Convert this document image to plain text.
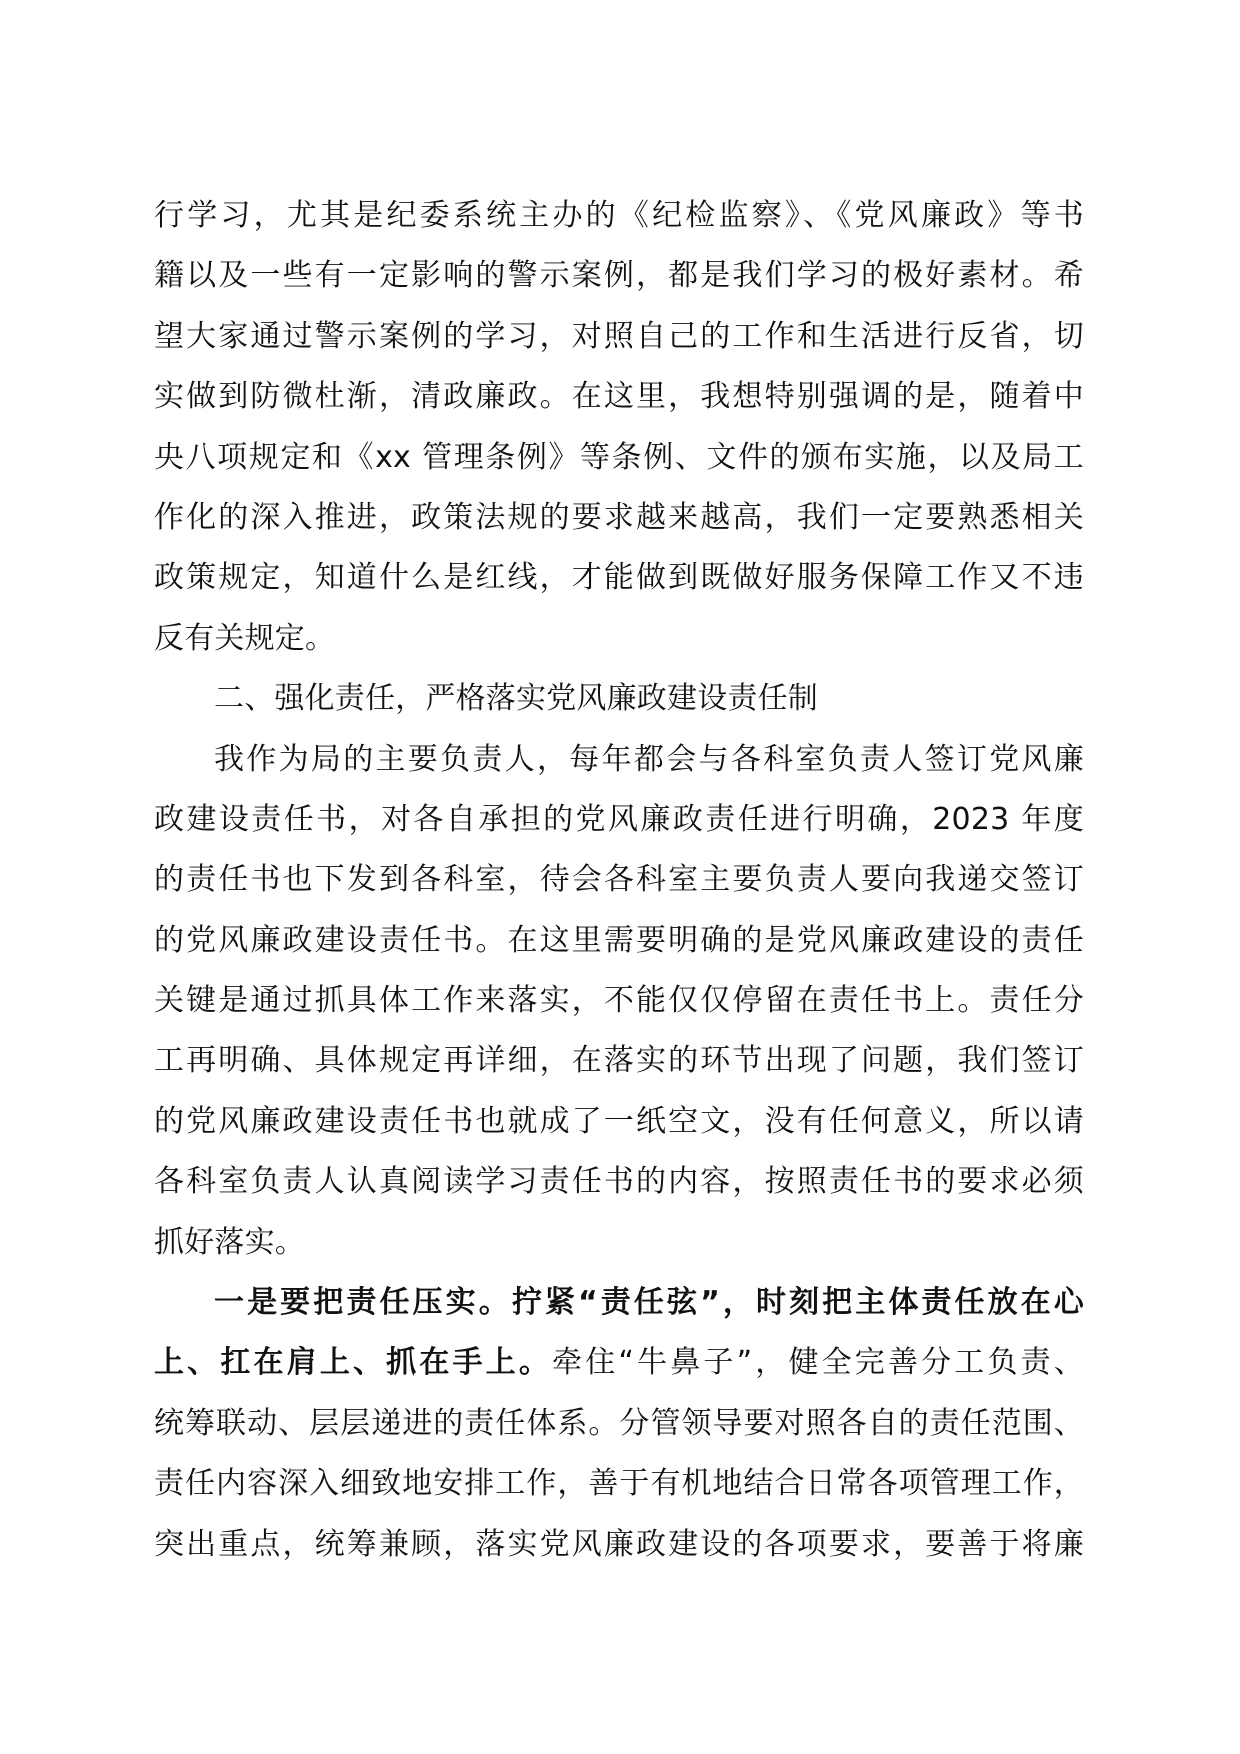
行学习，尤其是纪委系统主办的《纪检监察》、《党风廉政》等书
籍以及一些有一定影响的警示案例，都是我们学习的极好素材。希
望大家通过警示案例的学习，对照自己的工作和生活进行反省，切
实做到防微杜渐，清政廉政。在这里，我想特别强调的是，随着中
央八项规定和《xx 管理条例》等条例、文件的颁布实施，以及局工
作化的深入推进，政策法规的要求越来越高，我们一定要熟悉相关
政策规定，知道什么是红线，才能做到既做好服务保障工作又不违
反有关规定。
二、强化责任，严格落实党风廉政建设责任制
我作为局的主要负责人，每年都会与各科室负责人签订党风廉
政建设责任书，对各自承担的党风廉政责任进行明确，2023 年度
的责任书也下发到各科室，待会各科室主要负责人要向我递交签订
的党风廉政建设责任书。在这里需要明确的是党风廉政建设的责任
关键是通过抓具体工作来落实，不能仅仅停留在责任书上。责任分
工再明确、具体规定再详细，在落实的环节出现了问题，我们签订
的党风廉政建设责任书也就成了一纸空文，没有任何意义，所以请
各科室负责人认真阅读学习责任书的内容，按照责任书的要求必须
抓好落实。
一是要把责任压实。拧紧“责任弦”，时刻把主体责任放在心
上、扛在肩上、抓在手上。牵住“牛鼻子”，健全完善分工负责、
统筹联动、层层递进的责任体系。分管领导要对照各自的责任范围、
责任内容深入细致地安排工作，善于有机地结合日常各项管理工作，
突出重点，统筹兼顾，落实党风廉政建设的各项要求，要善于将廉
